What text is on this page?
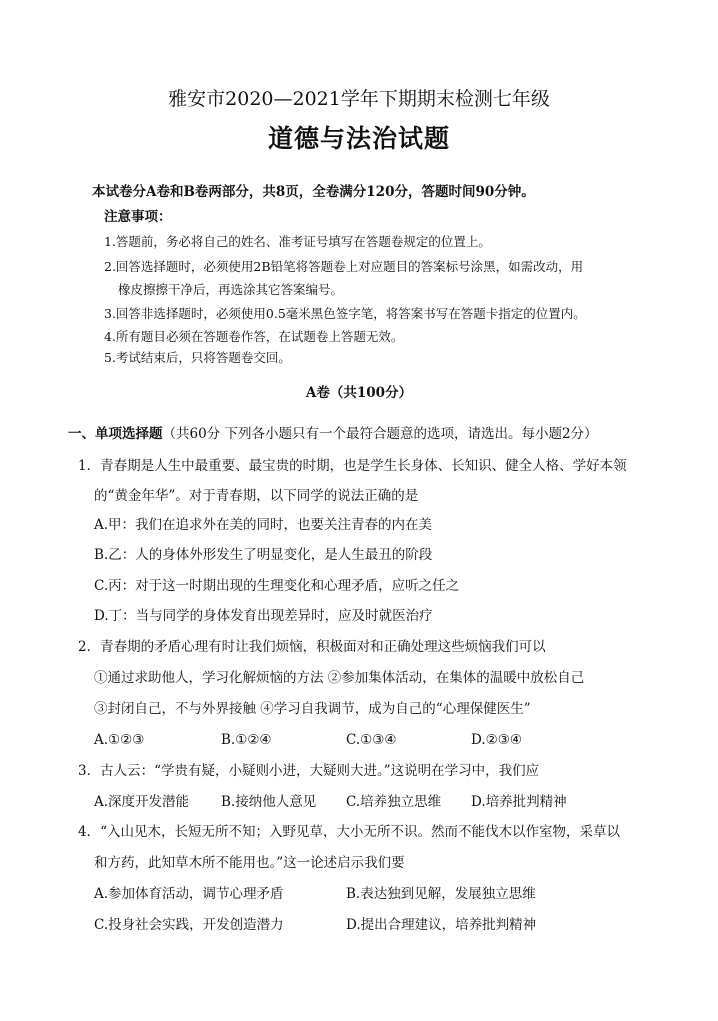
雅安市2020—2021学年下期期末检测七年级
道德与法治试题
本试卷分A卷和B卷两部分，共8页，全卷满分120分，答题时间90分钟。
注意事项：
1.答题前，务必将自己的姓名、准考证号填写在答题卷规定的位置上。
2.回答选择题时，必须使用2B铅笔将答题卷上对应题目的答案标号涂黑，如需改动，用
橡皮擦擦干净后，再选涂其它答案编号。
3.回答非选择题时，必须使用0.5毫米黑色签字笔，将答案书写在答题卡指定的位置内。
4.所有题目必须在答题卷作答，在试题卷上答题无效。
5.考试结束后，只将答题卷交回。
A卷（共100分）
一、单项选择题（共60分 下列各小题只有一个最符合题意的选项，请选出。每小题2分）
1．青春期是人生中最重要、最宝贵的时期，也是学生长身体、长知识、健全人格、学好本领
的“黄金年华”。对于青春期，以下同学的说法正确的是
A.甲：我们在追求外在美的同时，也要关注青春的内在美
B.乙：人的身体外形发生了明显变化，是人生最丑的阶段
C.丙：对于这一时期出现的生理变化和心理矛盾，应听之任之
D.丁：当与同学的身体发育出现差异时，应及时就医治疗
2．青春期的矛盾心理有时让我们烦恼，积极面对和正确处理这些烦恼我们可以
①通过求助他人，学习化解烦恼的方法 ②参加集体活动，在集体的温暖中放松自己
③封闭自己，不与外界接触 ④学习自我调节，成为自己的“心理保健医生”
A.①②③	B.①②④	C.①③④	D.②③④
3．古人云：“学贵有疑，小疑则小进，大疑则大进。”这说明在学习中，我们应
A.深度开发潜能 B.接纳他人意见 C.培养独立思维 D.培养批判精神
4．“入山见木，长短无所不知；入野见草，大小无所不识。然而不能伐木以作室物，采草以
和方药，此知草木所不能用也。”这一论述启示我们要
A.参加体育活动，调节心理矛盾	B.表达独到见解，发展独立思维
C.投身社会实践，开发创造潜力	D.提出合理建议，培养批判精神
